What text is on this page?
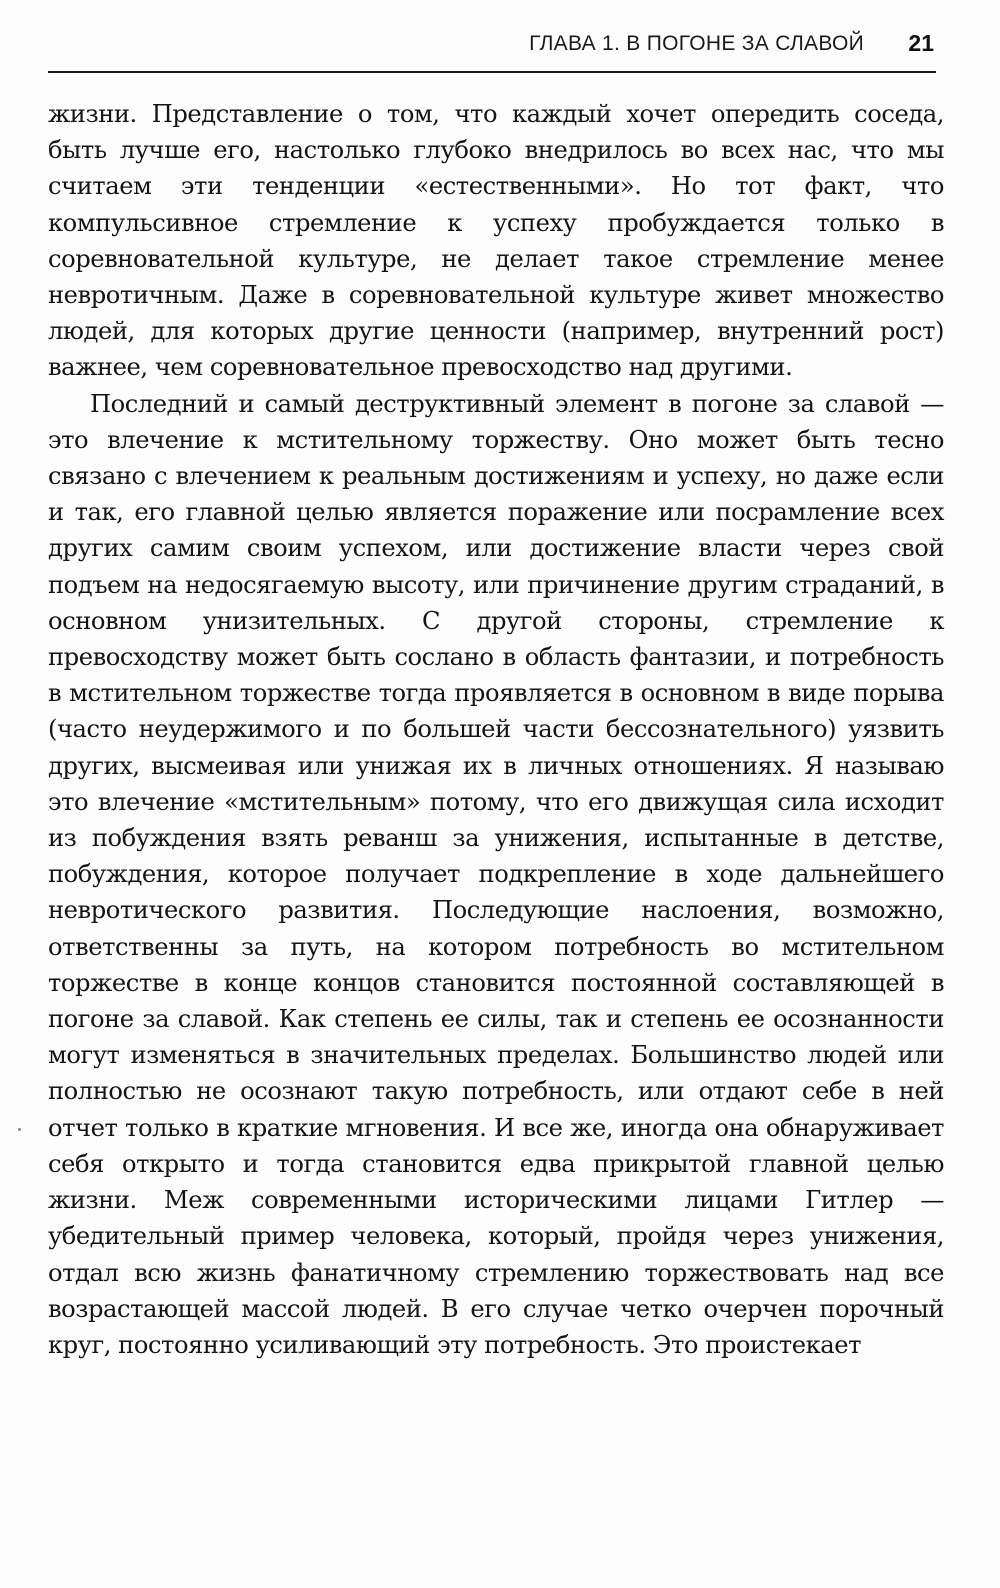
ГЛАВА 1. В ПОГОНЕ ЗА СЛАВОЙ 21

жизни. Представление о том, что каждый хочет опередить соседа, быть лучше его, настолько глубоко внедрилось во всех нас, что мы считаем эти тенденции «естественными». Но тот факт, что компульсивное стремление к успеху пробуждается только в соревновательной культуре, не делает такое стремление менее невротичным. Даже в соревновательной культуре живет множество людей, для которых другие ценности (например, внутренний рост) важнее, чем соревновательное превосходство над другими.

Последний и самый деструктивный элемент в погоне за славой — это влечение к мстительному торжеству. Оно может быть тесно связано с влечением к реальным достижениям и успеху, но даже если и так, его главной целью является поражение или посрамление всех других самим своим успехом, или достижение власти через свой подъем на недосягаемую высоту, или причинение другим страданий, в основном унизительных. С другой стороны, стремление к превосходству может быть сослано в область фантазии, и потребность в мстительном торжестве тогда проявляется в основном в виде порыва (часто неудержимого и по большей части бессознательного) уязвить других, высмеивая или унижая их в личных отношениях. Я называю это влечение «мстительным» потому, что его движущая сила исходит из побуждения взять реванш за унижения, испытанные в детстве, побуждения, которое получает подкрепление в ходе дальнейшего невротического развития. Последующие наслоения, возможно, ответственны за путь, на котором потребность во мстительном торжестве в конце концов становится постоянной составляющей в погоне за славой. Как степень ее силы, так и степень ее осознанности могут изменяться в значительных пределах. Большинство людей или полностью не осознают такую потребность, или отдают себе в ней отчет только в краткие мгновения. И все же, иногда она обнаруживает себя открыто и тогда становится едва прикрытой главной целью жизни. Меж современными историческими лицами Гитлер — убедительный пример человека, который, пройдя через унижения, отдал всю жизнь фанатичному стремлению торжествовать над все возрастающей массой людей. В его случае четко очерчен порочный круг, постоянно усиливающий эту потребность. Это проистекает
